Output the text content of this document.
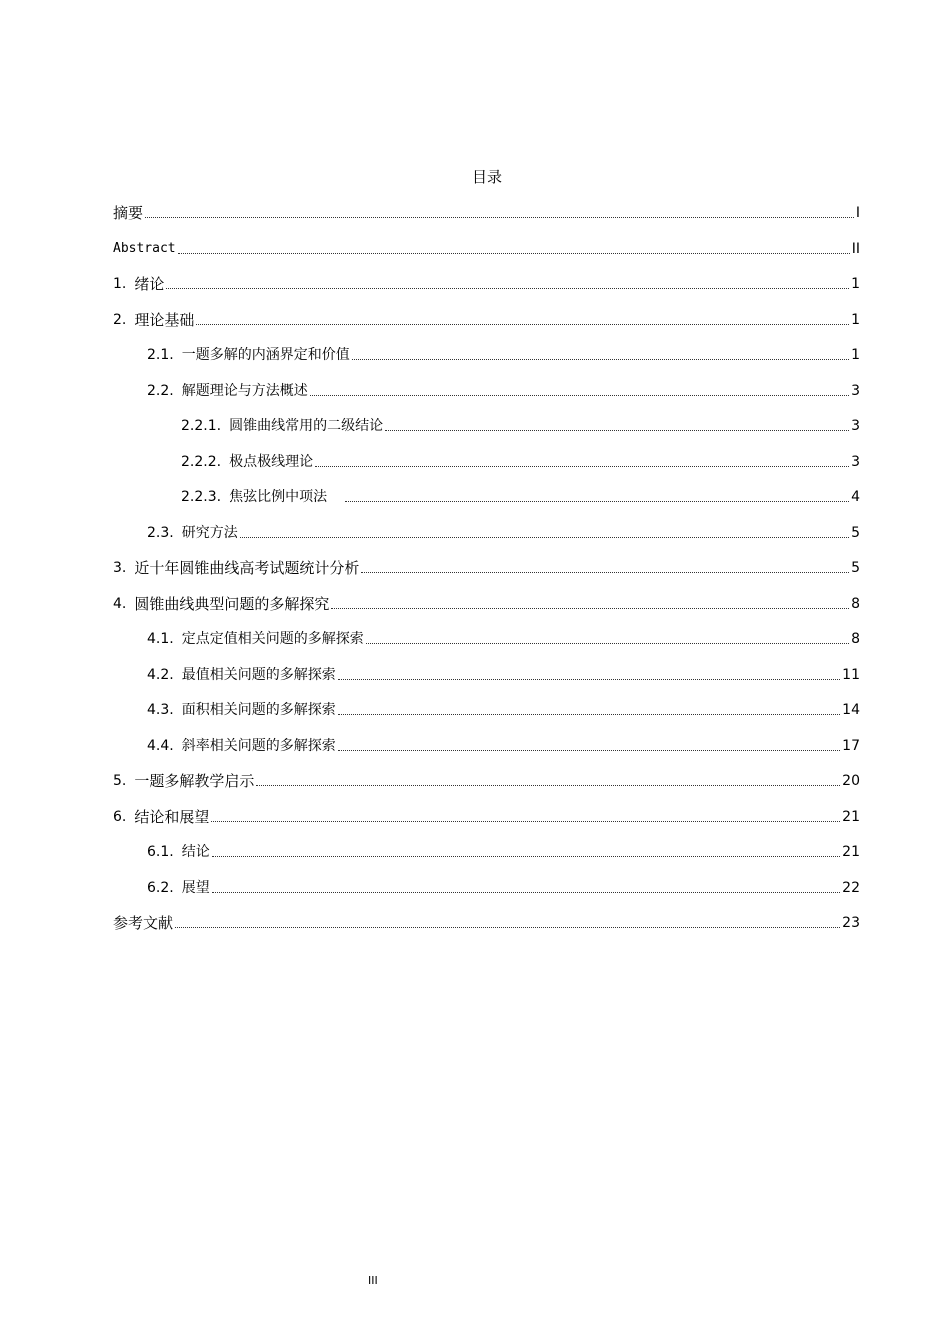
目录
摘要	I
Abstract	II
1. 绪论	1
2. 理论基础	1
2.1. 一题多解的内涵界定和价值	1
2.2. 解题理论与方法概述	3
2.2.1. 圆锥曲线常用的二级结论	3
2.2.2. 极点极线理论	3
2.2.3. 焦弦比例中项法	4
2.3. 研究方法	5
3. 近十年圆锥曲线高考试题统计分析	5
4. 圆锥曲线典型问题的多解探究	8
4.1. 定点定值相关问题的多解探索	8
4.2. 最值相关问题的多解探索	11
4.3. 面积相关问题的多解探索	14
4.4. 斜率相关问题的多解探索	17
5. 一题多解教学启示	20
6. 结论和展望	21
6.1. 结论	21
6.2. 展望	22
参考文献	23
III
